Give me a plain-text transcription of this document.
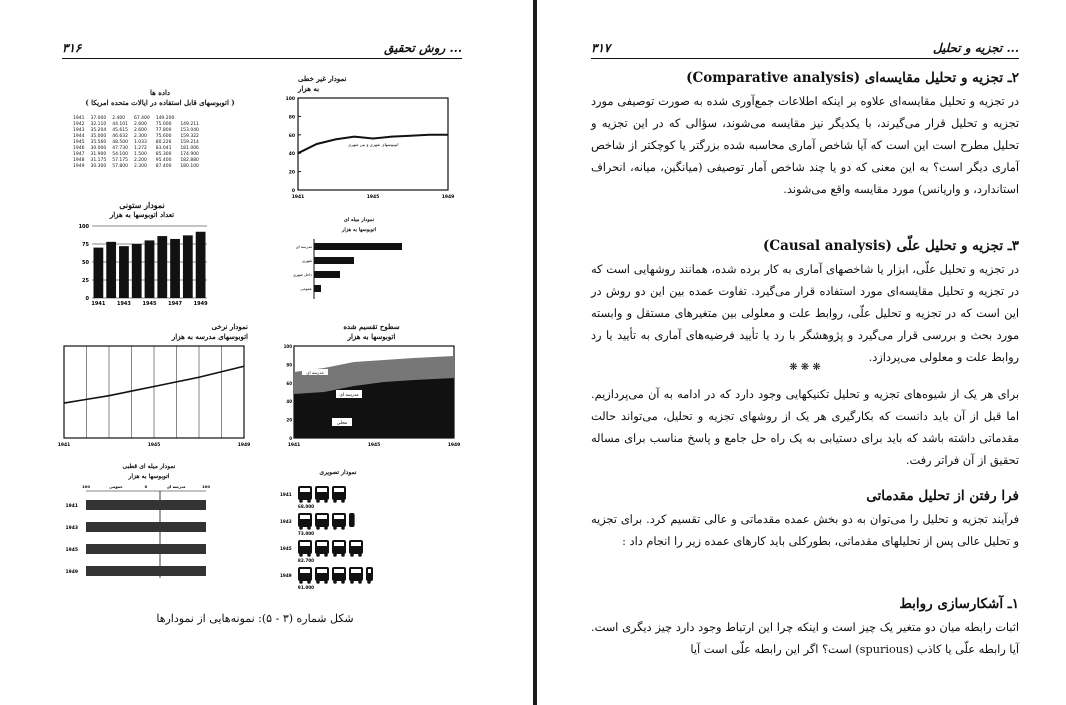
۳۱۶	روش تحقیق ...
داده ها
( اتوبوسهای قابل استفاده در ایالات متحده امریکا )
1941	37.000	2.400	67.400	149.200	
1942	32.110	44.101	2.600	75.000	149.211
1943	35.204	45.615	2.600	77.800	153.040
1944	35.000	46.632	2.300	75.600	159.322
1945	35.560	48.500	1.033	80.226	159.214
1946	30.000	47.730	1.272	83.041	181.006
1947	31.900	54.100	1.500	85.300	174.900
1948	31.175	57.175	2.200	95.400	182.880
1949	30.300	57.800	2.300	87.400	180.100
نمودار غیر خطی
به هزار
100
80
60
40
20
0
1941	1945	1949
اتوبوسهای شهری و بین شهری
نمودار ستونی
تعداد اتوبوسها به هزار
100
75
50
25
0
1941 1943 1945 1947 1949
نمودار میله ای
اتوبوسها به هزار
مدرسه ای
شهری
داخل شهری
عمومی
نمودار نرخی
اتوبوسهای مدرسه به هزار
1941	1945	1949
سطوح تقسیم شده
اتوبوسها به هزار
مدرسه ای
مدرسه ای
محلی
100
80
60
40
20
0
1941	1945	1949
نمودار میله ای قطبی
اتوبوسها به هزار
100	عمومی	0	مدرسه ای	100
1941
1943
1945
1949
نمودار تصویری
1941
68.000
1943
73.000
1945
82.700
1949
91.000
شکل شماره (۳ - ۵): نمونه‌هایی از نمودارها
۳۱۷	تجزیه و تحلیل ...
۲ـ تجزیه و تحلیل مقایسه‌ای (Comparative analysis)

در تجزیه و تحلیل مقایسه‌ای علاوه بر اینکه اطلاعات جمع‌آوری شده به صورت توصیفی مورد تجزیه و تحلیل قرار می‌گیرند، با یکدیگر نیز مقایسه می‌شوند، سؤالی که در این تجزیه و تحلیل مطرح است این است که آیا شاخص آماری محاسبه شده بزرگتر یا کوچکتر از شاخص آماری دیگر است؟ به این معنی که دو یا چند شاخص آمار توصیفی (میانگین، میانه، انحراف استاندارد، و واریانس) مورد مقایسه واقع می‌شوند.

۳ـ تجزیه و تحلیل علّی (Causal analysis)

در تجزیه و تحلیل علّی، ابزار یا شاخصهای آماری به کار برده شده، همانند روشهایی است که در تجزیه و تحلیل مقایسه‌ای مورد استفاده قرار می‌گیرد. تفاوت عمده بین این دو روش در این است که در تجزیه و تحلیل علّی، روابط علت و معلولی بین متغیرهای مستقل و وابسته مورد بحث و بررسی قرار می‌گیرد و پژوهشگر با رد یا تأیید فرضیه‌های آماری به تأیید یا رد روابط علت و معلولی می‌پردازد.

❋ ❋ ❋

برای هر یک از شیوه‌های تجزیه و تحلیل تکنیکهایی وجود دارد که در ادامه به آن می‌پردازیم. اما قبل از آن باید دانست که بکارگیری هر یک از روشهای تجزیه و تحلیل، می‌تواند حالت مقدماتی داشته باشد که باید برای دستیابی به یک راه حل جامع و پاسخ مناسب برای مساله تحقیق از آن فراتر رفت.

فرا رفتن از تحلیل مقدماتی

فرآیند تجزیه و تحلیل را می‌توان به دو بخش عمده مقدماتی و عالی تقسیم کرد. برای تجزیه و تحلیل عالی پس از تحلیلهای مقدماتی، بطورکلی باید کارهای عمده زیر را انجام داد :

۱ـ آشکارسازی روابط

اثبات رابطه میان دو متغیر یک چیز است و اینکه چرا این ارتباط وجود دارد چیز دیگری است. آیا رابطه علّی یا کاذب (spurious) است؟ اگر این رابطه علّی است آیا
